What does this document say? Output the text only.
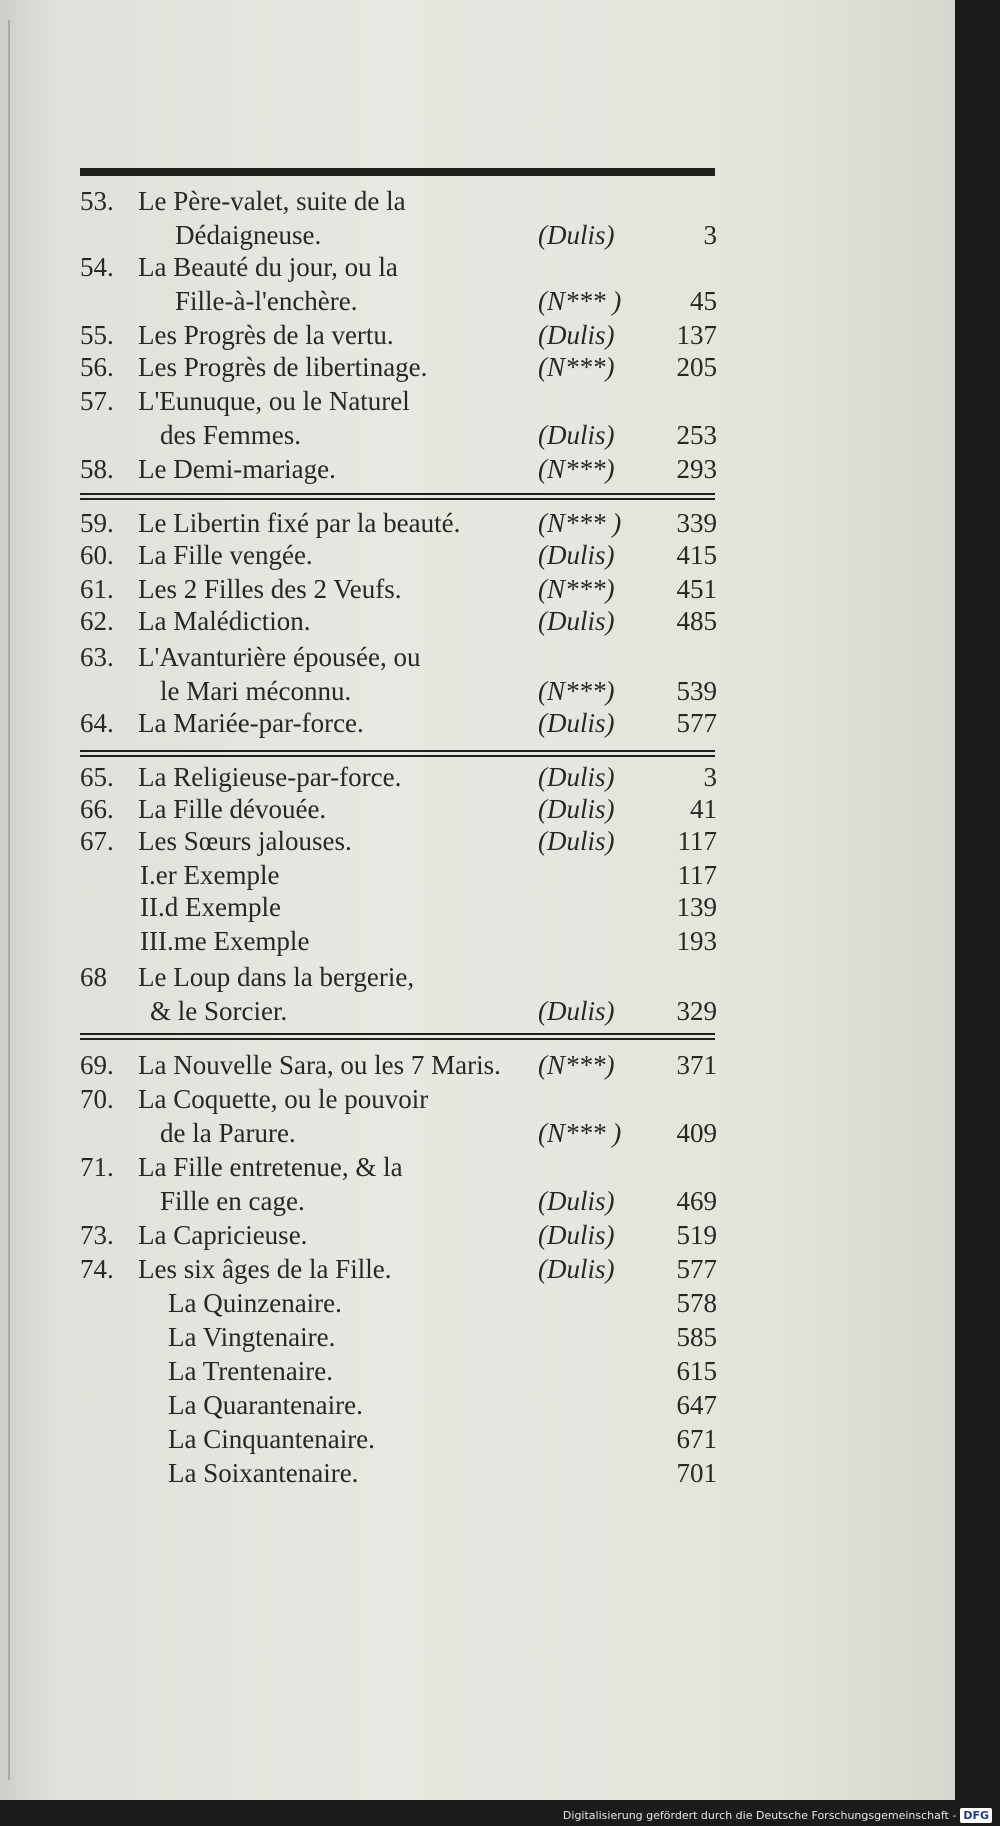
53. Le Père-valet, suite de la
Dédaigneuse.	(Dulis)	3
54. La Beauté du jour, ou la
Fille-à-l'enchère.	(N*** )	45
55. Les Progrès de la vertu.	(Dulis) 137
56. Les Progrès de libertinage.	(N***) 205
57. L'Eunuque, ou le Naturel
des Femmes.	(Dulis) 253
58. Le Demi-mariage.	(N***) 293
59. Le Libertin fixé par la beauté.	(N*** ) 339
60. La Fille vengée.	(Dulis) 415
61. Les 2 Filles des 2 Veufs.	(N***) 451
62. La Malédiction.	(Dulis) 485
63. L'Avanturière épousée, ou
le Mari méconnu.	(N***) 539
64. La Mariée-par-force.	(Dulis) 577
65. La Religieuse-par-force.	(Dulis)	3
66. La Fille dévouée.	(Dulis)	41
67. Les Sœurs jalouses.	(Dulis) 117
I.er Exemple	117
II.d Exemple	139
III.me Exemple	193
68 Le Loup dans la bergerie,
& le Sorcier.	(Dulis) 329
69. La Nouvelle Sara, ou les 7 Maris. (N***) 371
70. La Coquette, ou le pouvoir
de la Parure.	(N*** ) 409
71. La Fille entretenue, & la
Fille en cage.	(Dulis) 469
73. La Capricieuse.	(Dulis) 519
74. Les six âges de la Fille.	(Dulis) 577
La Quinzenaire.	578
La Vingtenaire.	585
La Trentenaire.	615
La Quarantenaire.	647
La Cinquantenaire.	671
La Soixantenaire.	701
Digitalisierung gefördert durch die Deutsche Forschungsgemeinschaft - DFG
